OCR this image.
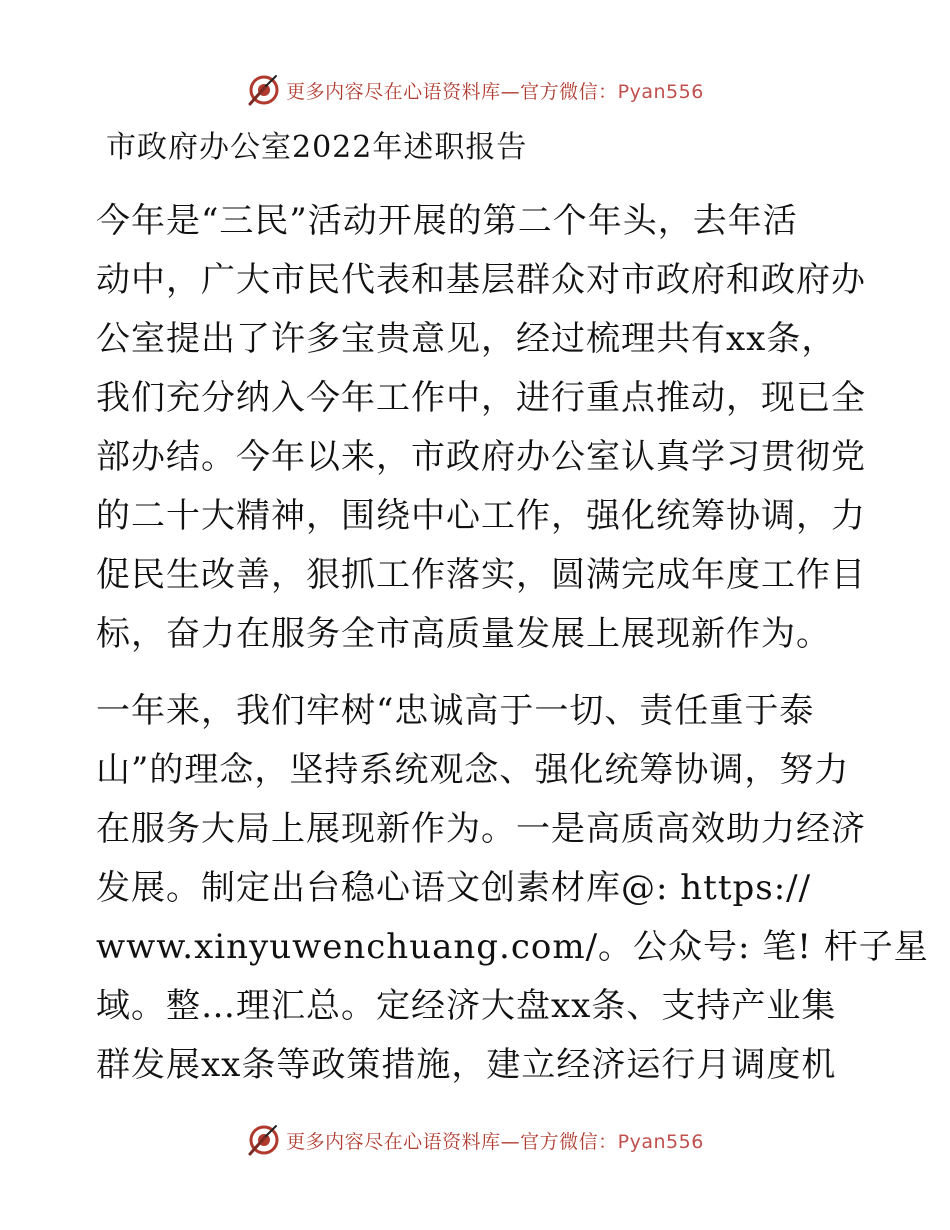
更多内容尽在心语资料库—官方微信：Pyan556
市政府办公室2022年述职报告
今年是“三民”活动开展的第二个年头，去年活
动中，广大市民代表和基层群众对市政府和政府办
公室提出了许多宝贵意见，经过梳理共有xx条，
我们充分纳入今年工作中，进行重点推动，现已全
部办结。今年以来，市政府办公室认真学习贯彻党
的二十大精神，围绕中心工作，强化统筹协调，力
促民生改善，狠抓工作落实，圆满完成年度工作目
标，奋力在服务全市高质量发展上展现新作为。
一年来，我们牢树“忠诚高于一切、责任重于泰
山”的理念，坚持系统观念、强化统筹协调，努力
在服务大局上展现新作为。一是高质高效助力经济
发展。制定出台稳心语文创素材库@: https://
www.xinyuwenchuang.com/。公众号: 笔! 杆子星
域。整…理汇总。定经济大盘xx条、支持产业集
群发展xx条等政策措施，建立经济运行月调度机
更多内容尽在心语资料库—官方微信：Pyan556
